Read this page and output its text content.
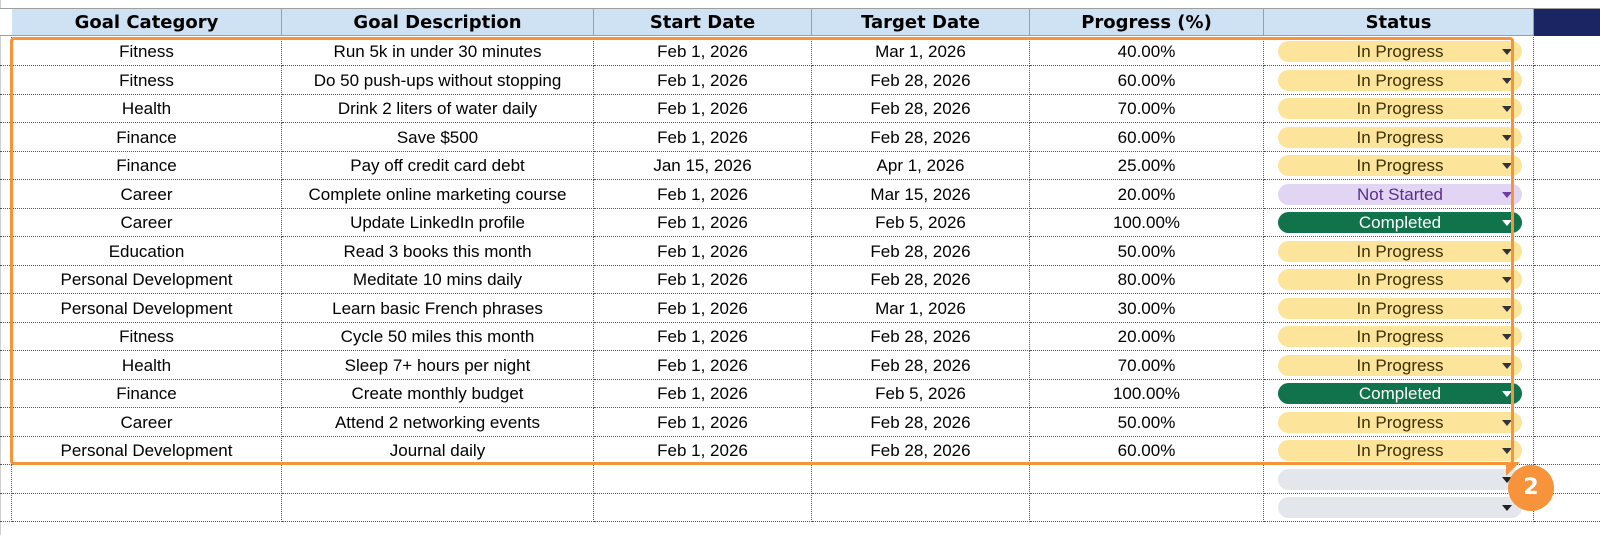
Goal Category	Goal Description	Start Date	Target Date	Progress (%)	Status
Fitness	Run 5k in under 30 minutes	Feb 1, 2026	Mar 1, 2026	40.00%	In Progress
Fitness	Do 50 push-ups without stopping	Feb 1, 2026	Feb 28, 2026	60.00%	In Progress
Health	Drink 2 liters of water daily	Feb 1, 2026	Feb 28, 2026	70.00%	In Progress
Finance	Save $500	Feb 1, 2026	Feb 28, 2026	60.00%	In Progress
Finance	Pay off credit card debt	Jan 15, 2026	Apr 1, 2026	25.00%	In Progress
Career	Complete online marketing course	Feb 1, 2026	Mar 15, 2026	20.00%	Not Started
Career	Update LinkedIn profile	Feb 1, 2026	Feb 5, 2026	100.00%	Completed
Education	Read 3 books this month	Feb 1, 2026	Feb 28, 2026	50.00%	In Progress
Personal Development	Meditate 10 mins daily	Feb 1, 2026	Feb 28, 2026	80.00%	In Progress
Personal Development	Learn basic French phrases	Feb 1, 2026	Mar 1, 2026	30.00%	In Progress
Fitness	Cycle 50 miles this month	Feb 1, 2026	Feb 28, 2026	20.00%	In Progress
Health	Sleep 7+ hours per night	Feb 1, 2026	Feb 28, 2026	70.00%	In Progress
Finance	Create monthly budget	Feb 1, 2026	Feb 5, 2026	100.00%	Completed
Career	Attend 2 networking events	Feb 1, 2026	Feb 28, 2026	50.00%	In Progress
Personal Development	Journal daily	Feb 1, 2026	Feb 28, 2026	60.00%	In Progress
2
